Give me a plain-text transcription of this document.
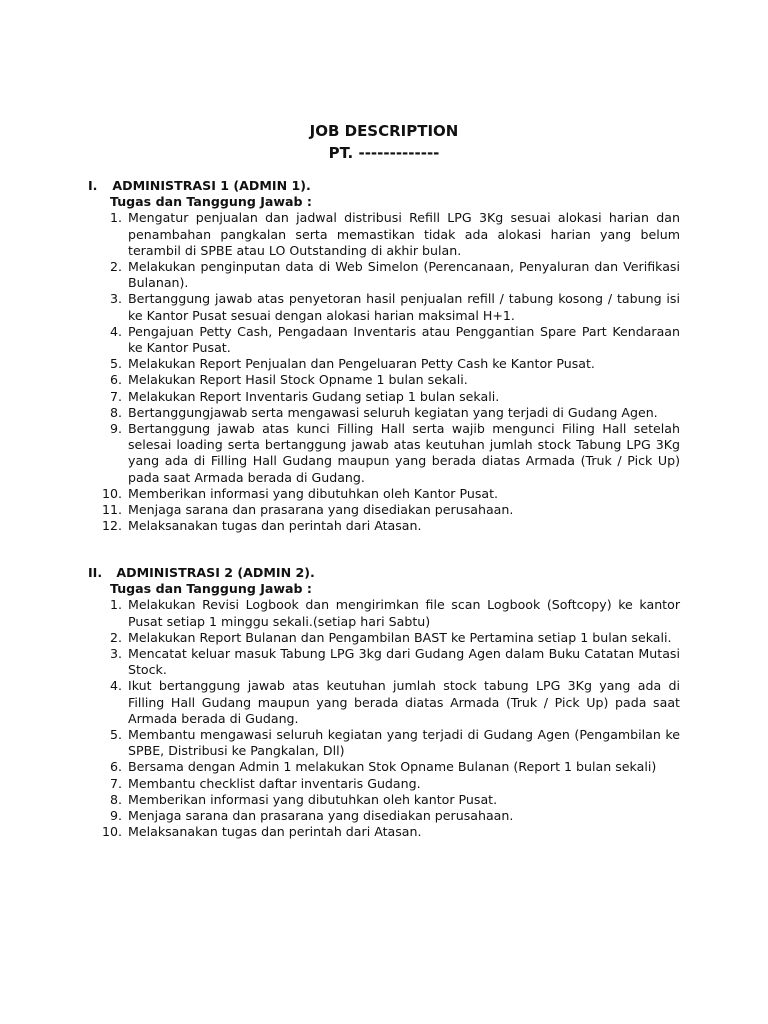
JOB DESCRIPTION

PT. -------------

I. ADMINISTRASI 1 (ADMIN 1).

Tugas dan Tanggung Jawab :

1. Mengatur penjualan dan jadwal distribusi Refill LPG 3Kg sesuai alokasi harian dan penambahan pangkalan serta memastikan tidak ada alokasi harian yang belum terambil di SPBE atau LO Outstanding di akhir bulan.
2. Melakukan penginputan data di Web Simelon (Perencanaan, Penyaluran dan Verifikasi Bulanan).
3. Bertanggung jawab atas penyetoran hasil penjualan refill / tabung kosong / tabung isi ke Kantor Pusat sesuai dengan alokasi harian maksimal H+1.
4. Pengajuan Petty Cash, Pengadaan Inventaris atau Penggantian Spare Part Kendaraan ke Kantor Pusat.
5. Melakukan Report Penjualan dan Pengeluaran Petty Cash ke Kantor Pusat.
6. Melakukan Report Hasil Stock Opname 1 bulan sekali.
7. Melakukan Report Inventaris Gudang setiap 1 bulan sekali.
8. Bertanggungjawab serta mengawasi seluruh kegiatan yang terjadi di Gudang Agen.
9. Bertanggung jawab atas kunci Filling Hall serta wajib mengunci Filing Hall setelah selesai loading serta bertanggung jawab atas keutuhan jumlah stock Tabung LPG 3Kg yang ada di Filling Hall Gudang maupun yang berada diatas Armada (Truk / Pick Up) pada saat Armada berada di Gudang.
10. Memberikan informasi yang dibutuhkan oleh Kantor Pusat.
11. Menjaga sarana dan prasarana yang disediakan perusahaan.
12. Melaksanakan tugas dan perintah dari Atasan.

II. ADMINISTRASI 2 (ADMIN 2).

Tugas dan Tanggung Jawab :

1. Melakukan Revisi Logbook dan mengirimkan file scan Logbook (Softcopy) ke kantor Pusat setiap 1 minggu sekali.(setiap hari Sabtu)
2. Melakukan Report Bulanan dan Pengambilan BAST ke Pertamina setiap 1 bulan sekali.
3. Mencatat keluar masuk Tabung LPG 3kg dari Gudang Agen dalam Buku Catatan Mutasi Stock.
4. Ikut bertanggung jawab atas keutuhan jumlah stock tabung LPG 3Kg yang ada di Filling Hall Gudang maupun yang berada diatas Armada (Truk / Pick Up) pada saat Armada berada di Gudang.
5. Membantu mengawasi seluruh kegiatan yang terjadi di Gudang Agen (Pengambilan ke SPBE, Distribusi ke Pangkalan, Dll)
6. Bersama dengan Admin 1 melakukan Stok Opname Bulanan (Report 1 bulan sekali)
7. Membantu checklist daftar inventaris Gudang.
8. Memberikan informasi yang dibutuhkan oleh kantor Pusat.
9. Menjaga sarana dan prasarana yang disediakan perusahaan.
10. Melaksanakan tugas dan perintah dari Atasan.
